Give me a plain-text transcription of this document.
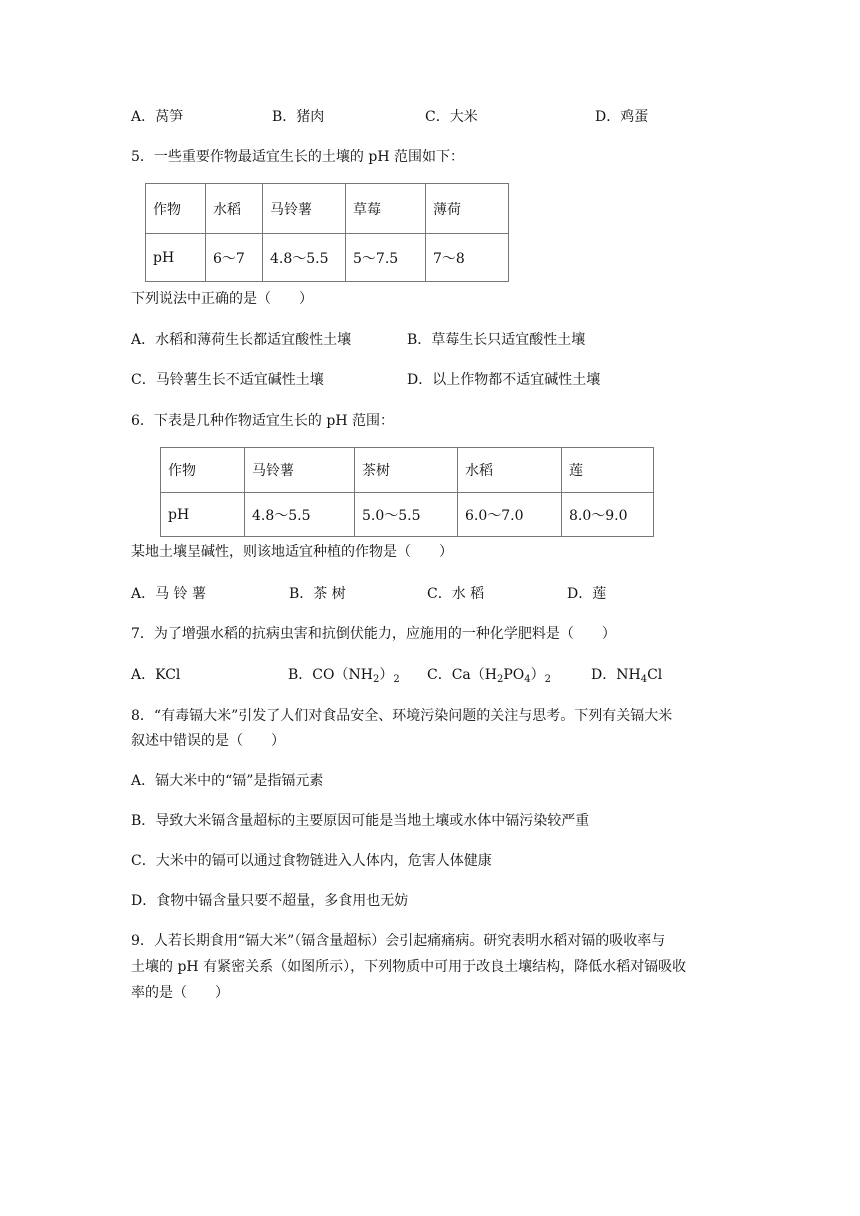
A．莴笋	B．猪肉	C．大米	D．鸡蛋
5．一些重要作物最适宜生长的土壤的 pH 范围如下：
作物	水稻	马铃薯	草莓	薄荷
pH	6～7	4.8～5.5	5～7.5	7～8
下列说法中正确的是（　　）
A．水稻和薄荷生长都适宜酸性土壤	B．草莓生长只适宜酸性土壤
C．马铃薯生长不适宜碱性土壤	D．以上作物都不适宜碱性土壤
6．下表是几种作物适宜生长的 pH 范围：
作物	马铃薯	茶树	水稻	莲
pH	4.8～5.5	5.0～5.5	6.0～7.0	8.0～9.0
某地土壤呈碱性，则该地适宜种植的作物是（　　）
A．马 铃 薯	B．茶 树	C．水 稻	D．莲
7．为了增强水稻的抗病虫害和抗倒伏能力，应施用的一种化学肥料是（　　）
A．KCl	B．$CO(NH_2)_2$ C．$Ca(H_2PO_4)_2$	D．$NH_4Cl$
8．“有毒镉大米”引发了人们对食品安全、环境污染问题的关注与思考。下列有关镉大米
叙述中错误的是（　　）
A．镉大米中的“镉”是指镉元素
B．导致大米镉含量超标的主要原因可能是当地土壤或水体中镉污染较严重
C．大米中的镉可以通过食物链进入人体内，危害人体健康
D．食物中镉含量只要不超量，多食用也无妨
9．人若长期食用“镉大米”（镉含量超标）会引起痛痛病。研究表明水稻对镉的吸收率与
土壤的 pH 有紧密关系（如图所示），下列物质中可用于改良土壤结构，降低水稻对镉吸收
率的是（　　）
